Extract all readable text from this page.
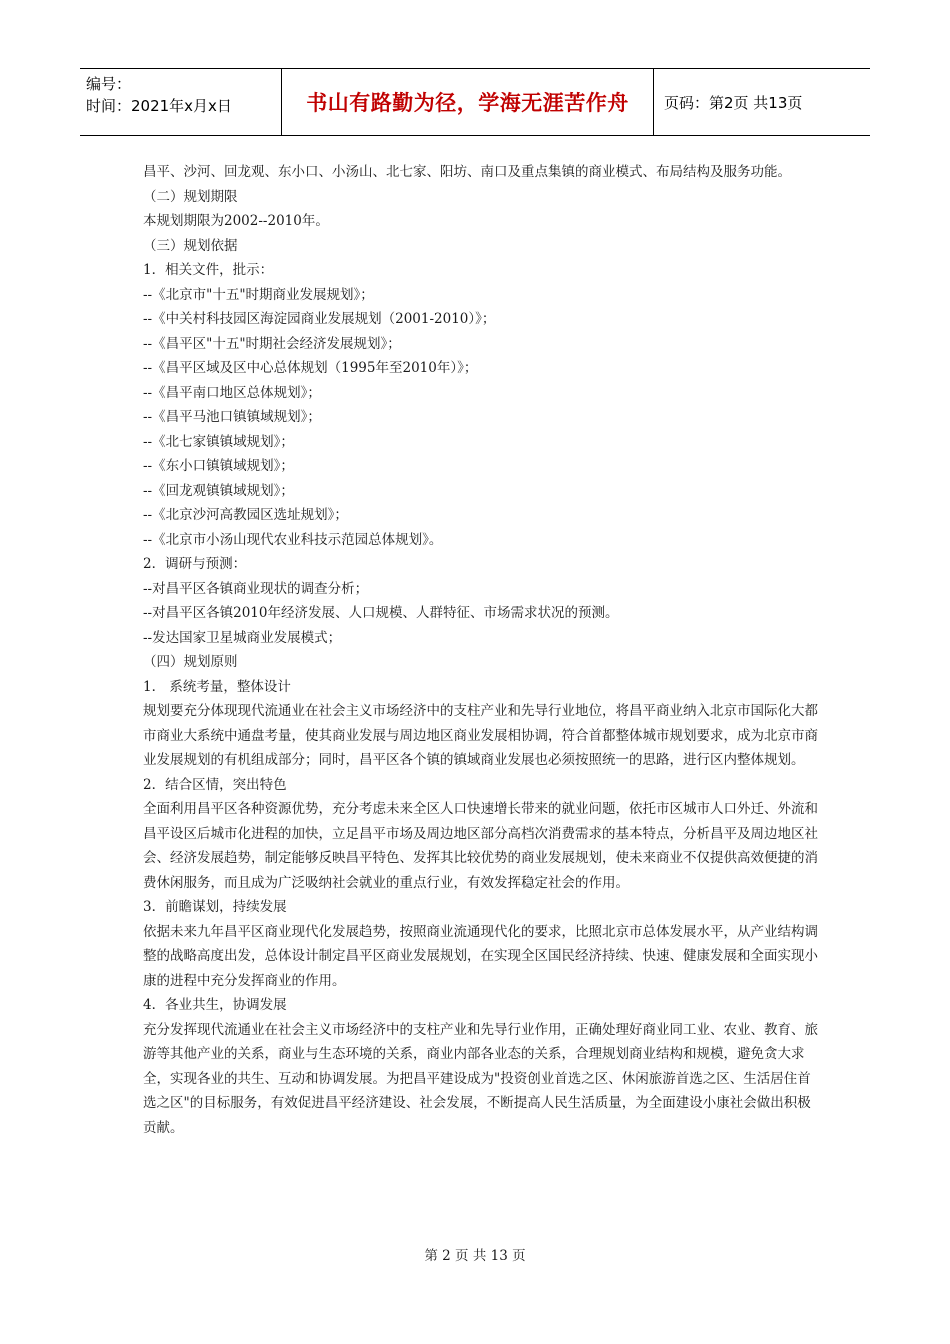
编号：
时间：2021年x月x日	书山有路勤为径，学海无涯苦作舟	页码：第2页 共13页

昌平、沙河、回龙观、东小口、小汤山、北七家、阳坊、南口及重点集镇的商业模式、布局结构及服务功能。

（二）规划期限

本规划期限为2002--2010年。

（三）规划依据

1．相关文件，批示：

--《北京市"十五"时期商业发展规划》；

--《中关村科技园区海淀园商业发展规划（2001-2010）》；

--《昌平区"十五"时期社会经济发展规划》；

--《昌平区域及区中心总体规划（1995年至2010年）》；

--《昌平南口地区总体规划》；

--《昌平马池口镇镇域规划》；

--《北七家镇镇域规划》；

--《东小口镇镇域规划》；

--《回龙观镇镇域规划》；

--《北京沙河高教园区选址规划》；

--《北京市小汤山现代农业科技示范园总体规划》。

2．调研与预测：

--对昌平区各镇商业现状的调查分析；

--对昌平区各镇2010年经济发展、人口规模、人群特征、市场需求状况的预测。

--发达国家卫星城商业发展模式；

（四）规划原则

1． 系统考量，整体设计

规划要充分体现现代流通业在社会主义市场经济中的支柱产业和先导行业地位，将昌平商业纳入北京市国际化大都市商业大系统中通盘考量，使其商业发展与周边地区商业发展相协调，符合首都整体城市规划要求，成为北京市商业发展规划的有机组成部分；同时，昌平区各个镇的镇域商业发展也必须按照统一的思路，进行区内整体规划。

2．结合区情，突出特色

全面利用昌平区各种资源优势，充分考虑未来全区人口快速增长带来的就业问题，依托市区城市人口外迁、外流和昌平设区后城市化进程的加快，立足昌平市场及周边地区部分高档次消费需求的基本特点，分析昌平及周边地区社会、经济发展趋势，制定能够反映昌平特色、发挥其比较优势的商业发展规划，使未来商业不仅提供高效便捷的消费休闲服务，而且成为广泛吸纳社会就业的重点行业，有效发挥稳定社会的作用。

3．前瞻谋划，持续发展

依据未来九年昌平区商业现代化发展趋势，按照商业流通现代化的要求，比照北京市总体发展水平，从产业结构调整的战略高度出发，总体设计制定昌平区商业发展规划，在实现全区国民经济持续、快速、健康发展和全面实现小康的进程中充分发挥商业的作用。

4．各业共生，协调发展

充分发挥现代流通业在社会主义市场经济中的支柱产业和先导行业作用，正确处理好商业同工业、农业、教育、旅游等其他产业的关系，商业与生态环境的关系，商业内部各业态的关系，合理规划商业结构和规模，避免贪大求全，实现各业的共生、互动和协调发展。为把昌平建设成为"投资创业首选之区、休闲旅游首选之区、生活居住首选之区"的目标服务，有效促进昌平经济建设、社会发展，不断提高人民生活质量，为全面建设小康社会做出积极贡献。

第 2 页 共 13 页
